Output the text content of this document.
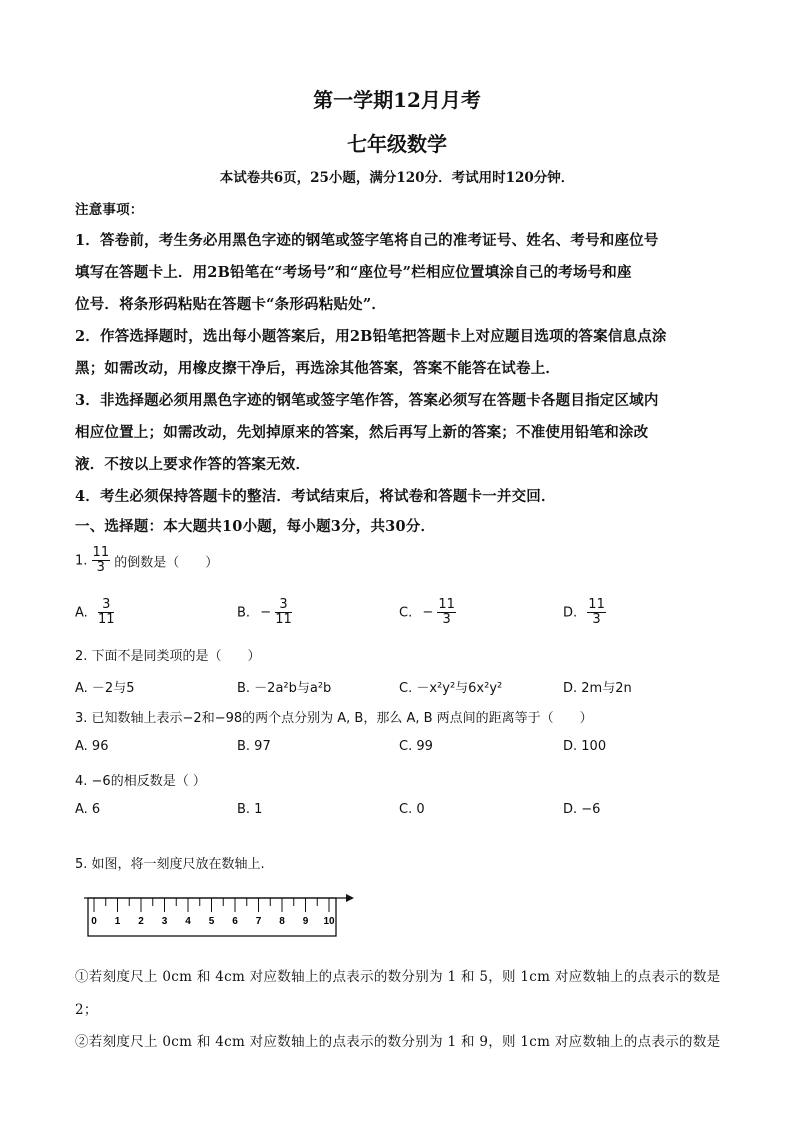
第一学期12月月考
七年级数学
本试卷共6页，25小题，满分120分．考试用时120分钟．
注意事项：
1．答卷前，考生务必用黑色字迹的钢笔或签字笔将自己的准考证号、姓名、考号和座位号
填写在答题卡上．用2B铅笔在“考场号”和“座位号”栏相应位置填涂自己的考场号和座
位号．将条形码粘贴在答题卡“条形码粘贴处”．
2．作答选择题时，选出每小题答案后，用2B铅笔把答题卡上对应题目选项的答案信息点涂
黑；如需改动，用橡皮擦干净后，再选涂其他答案，答案不能答在试卷上．
3．非选择题必须用黑色字迹的钢笔或签字笔作答，答案必须写在答题卡各题目指定区域内
相应位置上；如需改动，先划掉原来的答案，然后再写上新的答案；不准使用铅笔和涂改
液．不按以上要求作答的答案无效．
4．考生必须保持答题卡的整洁．考试结束后，将试卷和答题卡一并交回．
一、选择题：本大题共10小题，每小题3分，共30分．
1. $\frac{11}{3}$ 的倒数是（　　）
A. $\frac{3}{11}$	B. − $\frac{3}{11}$	C. − $\frac{11}{3}$	D. $\frac{11}{3}$
2. 下面不是同类项的是（　　）
A. －2与5	B. －2a²b与a²b	C. －x²y²与6x²y²	D. 2m与2n
3. 已知数轴上表示−2和−98的两个点分别为 A, B，那么 A, B 两点间的距离等于（　　）
A. 96	B. 97	C. 99	D. 100
4. −6的相反数是（ ）
A. 6	B. 1	C. 0	D. −6
5. 如图，将一刻度尺放在数轴上.
0 1 2 3 4 5 6 7 8 9 10
①若刻度尺上 0cm 和 4cm 对应数轴上的点表示的数分别为 1 和 5，则 1cm 对应数轴上的点表示的数是
2；
②若刻度尺上 0cm 和 4cm 对应数轴上的点表示的数分别为 1 和 9，则 1cm 对应数轴上的点表示的数是
